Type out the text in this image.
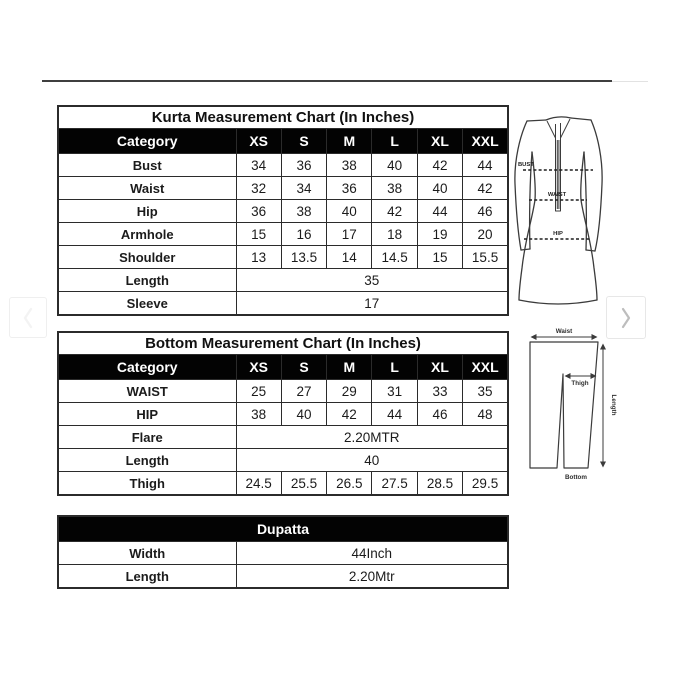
Kurta Measurement Chart (In Inches)						
Category	XS	S	M	L	XL	XXL
Bust	34	36	38	40	42	44
Waist	32	34	36	38	40	42
Hip	36	38	40	42	44	46
Armhole	15	16	17	18	19	20
Shoulder	13	13.5	14	14.5	15	15.5
Length	35					
Sleeve	17					
Bottom Measurement Chart (In Inches)						
Category	XS	S	M	L	XL	XXL
WAIST	25	27	29	31	33	35
HIP	38	40	42	44	46	48
Flare	2.20MTR					
Length	40					
Thigh	24.5	25.5	26.5	27.5	28.5	29.5
Dupatta	
Width	44Inch
Length	2.20Mtr
BUST
WAIST
HIP
Waist
Thigh
Length
Bottom
